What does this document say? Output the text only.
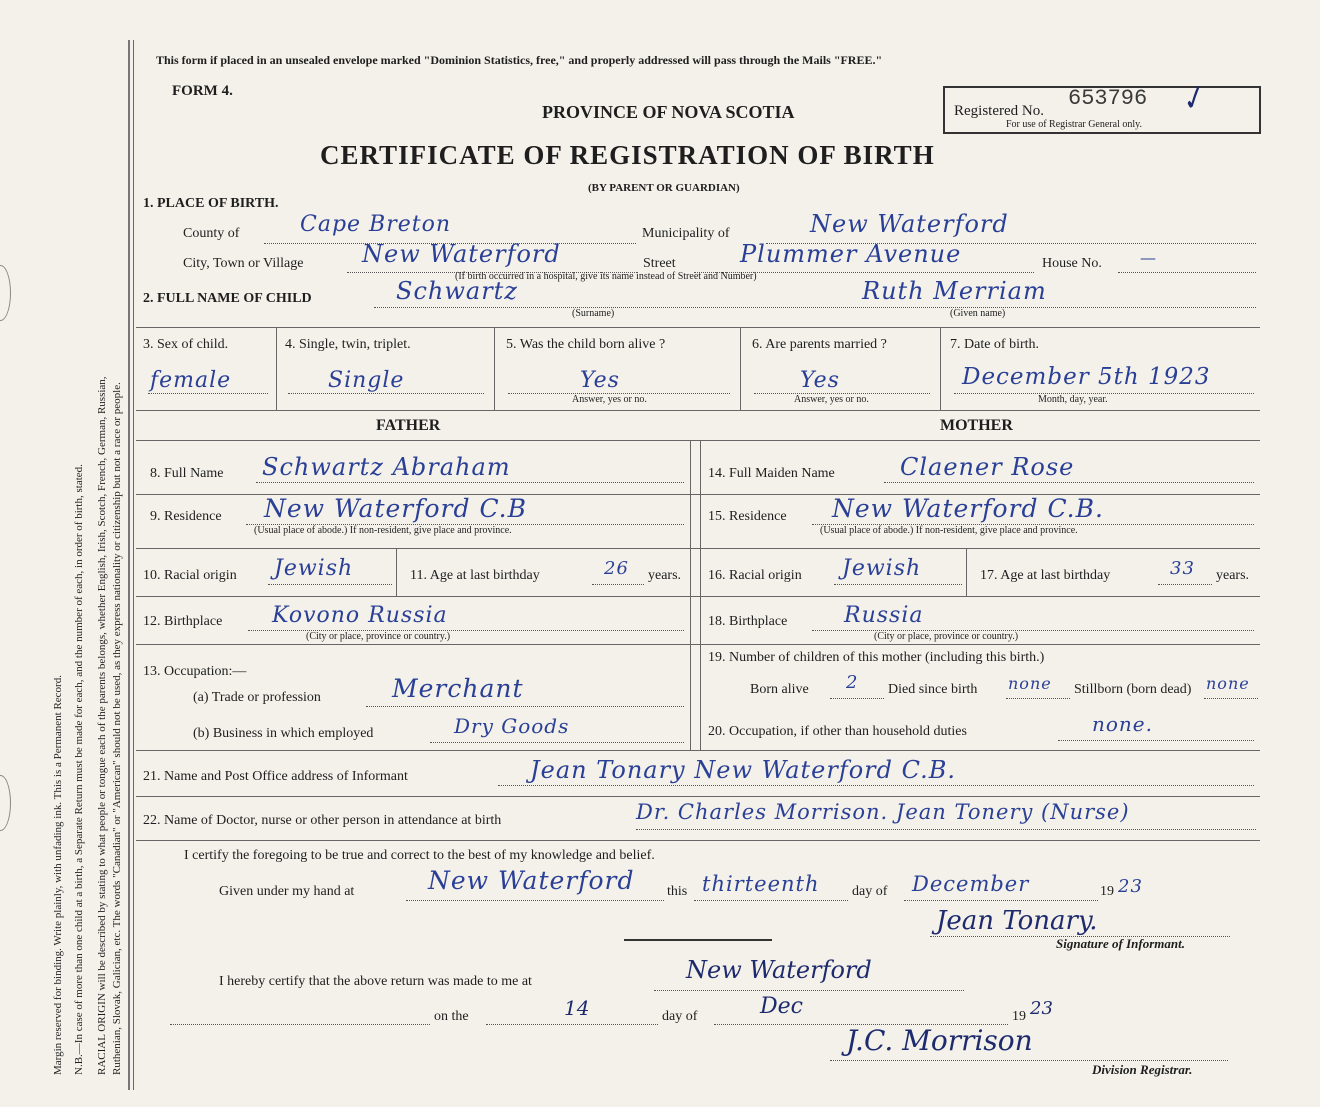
Margin reserved for binding. Write plainly, with unfading ink. This is a Permanent Record. N.B.—In case of more than one child at a birth, a Separate Return must be made for each, and the number of each, in order of birth, stated. RACIAL ORIGIN will be described by stating to what people or tongue each of the parents belongs, whether English, Irish, Scotch, French, German, Russian, Ruthenian, Slovak, Galician, etc. The words "Canadian" or "American" should not be used, as they express nationality or citizenship but not a race or people.
This form if placed in an unsealed envelope marked "Dominion Statistics, free," and properly addressed will pass through the Mails "FREE."
FORM 4.
PROVINCE OF NOVA SCOTIA
CERTIFICATE OF REGISTRATION OF BIRTH
(BY PARENT OR GUARDIAN)
Registered No. 653796 ✓
For use of Registrar General only.
1. PLACE OF BIRTH.
County of	Cape Breton	Municipality of	New Waterford
City, Town or Village New Waterford	Street	Plummer Avenue
(If birth occurred in a hospital, give its name instead of Street and Number)
House No. —
2. FULL NAME OF CHILD	Schwartz
(Surname)
Ruth Merriam
(Given name)
3. Sex of child.
female
4. Single, twin, triplet.
Single
5. Was the child born alive ?
Yes
Answer, yes or no.
6. Are parents married ?
Yes
Answer, yes or no.
7. Date of birth.
December 5th 1923
Month, day, year.
FATHER	MOTHER
8. Full Name Schwartz Abraham
9. Residence New Waterford C.B
(Usual place of abode.) If non-resident, give place and province.
10. Racial origin Jewish	11. Age at last birthday	26 years.
12. Birthplace Kovono Russia
(City or place, province or country.)
13. Occupation:—
(a) Trade or profession	Merchant
(b) Business in which employed	Dry Goods
14. Full Maiden Name	Claener Rose
15. Residence New Waterford C.B.
(Usual place of abode.) If non-resident, give place and province.
16. Racial origin Jewish	17. Age at last birthday	33 years.
18. Birthplace	Russia
(City or place, province or country.)
19. Number of children of this mother (including this birth.)
Born alive 2 Died since birth none Stillborn (born dead) none
20. Occupation, if other than household duties	none.
21. Name and Post Office address of Informant	Jean Tonary New Waterford C.B.
22. Name of Doctor, nurse or other person in attendance at birth	Dr. Charles Morrison. Jean Tonery (Nurse)
I certify the foregoing to be true and correct to the best of my knowledge and belief.
Given under my hand at	New Waterford this thirteenth day of December	19 23
Jean Tonary.
Signature of Informant.
I hereby certify that the above return was made to me at	New Waterford
on the	14	day of	Dec	19 23
J.C. Morrison
Division Registrar.
